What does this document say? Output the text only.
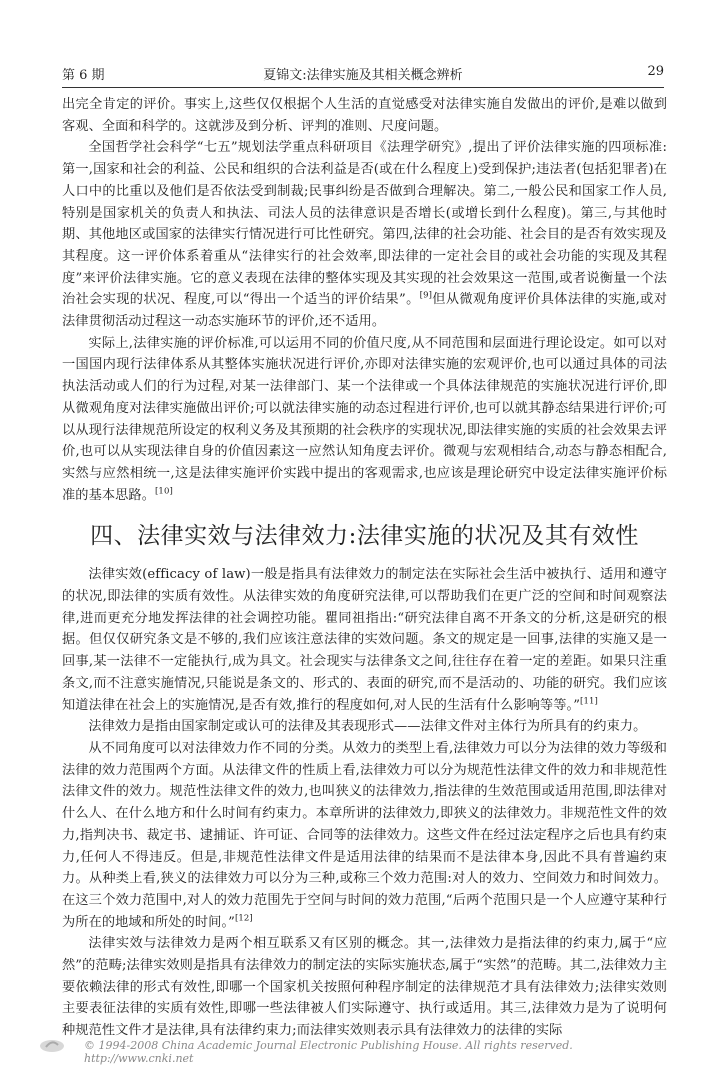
第 6 期	夏锦文:法律实施及其相关概念辨析	29

出完全肯定的评价。事实上,这些仅仅根据个人生活的直觉感受对法律实施自发做出的评价,是难以做到客观、全面和科学的。这就涉及到分析、评判的准则、尺度问题。

全国哲学社会科学“七五”规划法学重点科研项目《法理学研究》,提出了评价法律实施的四项标准:第一,国家和社会的利益、公民和组织的合法利益是否(或在什么程度上)受到保护;违法者(包括犯罪者)在人口中的比重以及他们是否依法受到制裁;民事纠纷是否做到合理解决。第二,一般公民和国家工作人员,特别是国家机关的负责人和执法、司法人员的法律意识是否增长(或增长到什么程度)。第三,与其他时期、其他地区或国家的法律实行情况进行可比性研究。第四,法律的社会功能、社会目的是否有效实现及其程度。这一评价体系着重从“法律实行的社会效率,即法律的一定社会目的或社会功能的实现及其程度”来评价法律实施。它的意义表现在法律的整体实现及其实现的社会效果这一范围,或者说衡量一个法治社会实现的状况、程度,可以“得出一个适当的评价结果”。[9]但从微观角度评价具体法律的实施,或对法律贯彻活动过程这一动态实施环节的评价,还不适用。

实际上,法律实施的评价标准,可以运用不同的价值尺度,从不同范围和层面进行理论设定。如可以对一国国内现行法律体系从其整体实施状况进行评价,亦即对法律实施的宏观评价,也可以通过具体的司法执法活动或人们的行为过程,对某一法律部门、某一个法律或一个具体法律规范的实施状况进行评价,即从微观角度对法律实施做出评价;可以就法律实施的动态过程进行评价,也可以就其静态结果进行评价;可以从现行法律规范所设定的权利义务及其预期的社会秩序的实现状况,即法律实施的实质的社会效果去评价,也可以从实现法律自身的价值因素这一应然认知角度去评价。微观与宏观相结合,动态与静态相配合,实然与应然相统一,这是法律实施评价实践中提出的客观需求,也应该是理论研究中设定法律实施评价标准的基本思路。[10]

四、法律实效与法律效力:法律实施的状况及其有效性

法律实效(efficacy of law)一般是指具有法律效力的制定法在实际社会生活中被执行、适用和遵守的状况,即法律的实质有效性。从法律实效的角度研究法律,可以帮助我们在更广泛的空间和时间观察法律,进而更充分地发挥法律的社会调控功能。瞿同祖指出:“研究法律自离不开条文的分析,这是研究的根据。但仅仅研究条文是不够的,我们应该注意法律的实效问题。条文的规定是一回事,法律的实施又是一回事,某一法律不一定能执行,成为具文。社会现实与法律条文之间,往往存在着一定的差距。如果只注重条文,而不注意实施情况,只能说是条文的、形式的、表面的研究,而不是活动的、功能的研究。我们应该知道法律在社会上的实施情况,是否有效,推行的程度如何,对人民的生活有什么影响等等。”[11]

法律效力是指由国家制定或认可的法律及其表现形式——法律文件对主体行为所具有的约束力。

从不同角度可以对法律效力作不同的分类。从效力的类型上看,法律效力可以分为法律的效力等级和法律的效力范围两个方面。从法律文件的性质上看,法律效力可以分为规范性法律文件的效力和非规范性法律文件的效力。规范性法律文件的效力,也叫狭义的法律效力,指法律的生效范围或适用范围,即法律对什么人、在什么地方和什么时间有约束力。本章所讲的法律效力,即狭义的法律效力。非规范性文件的效力,指判决书、裁定书、逮捕证、许可证、合同等的法律效力。这些文件在经过法定程序之后也具有约束力,任何人不得违反。但是,非规范性法律文件是适用法律的结果而不是法律本身,因此不具有普遍约束力。从种类上看,狭义的法律效力可以分为三种,或称三个效力范围:对人的效力、空间效力和时间效力。在这三个效力范围中,对人的效力范围先于空间与时间的效力范围,“后两个范围只是一个人应遵守某种行为所在的地域和所处的时间。”[12]

法律实效与法律效力是两个相互联系又有区别的概念。其一,法律效力是指法律的约束力,属于“应然”的范畴;法律实效则是指具有法律效力的制定法的实际实施状态,属于“实然”的范畴。其二,法律效力主要依赖法律的形式有效性,即哪一个国家机关按照何种程序制定的法律规范才具有法律效力;法律实效则主要表征法律的实质有效性,即哪一些法律被人们实际遵守、执行或适用。其三,法律效力是为了说明何种规范性文件才是法律,具有法律约束力;而法律实效则表示具有法律效力的法律的实际

© 1994-2008 China Academic Journal Electronic Publishing House. All rights reserved. http://www.cnki.net
